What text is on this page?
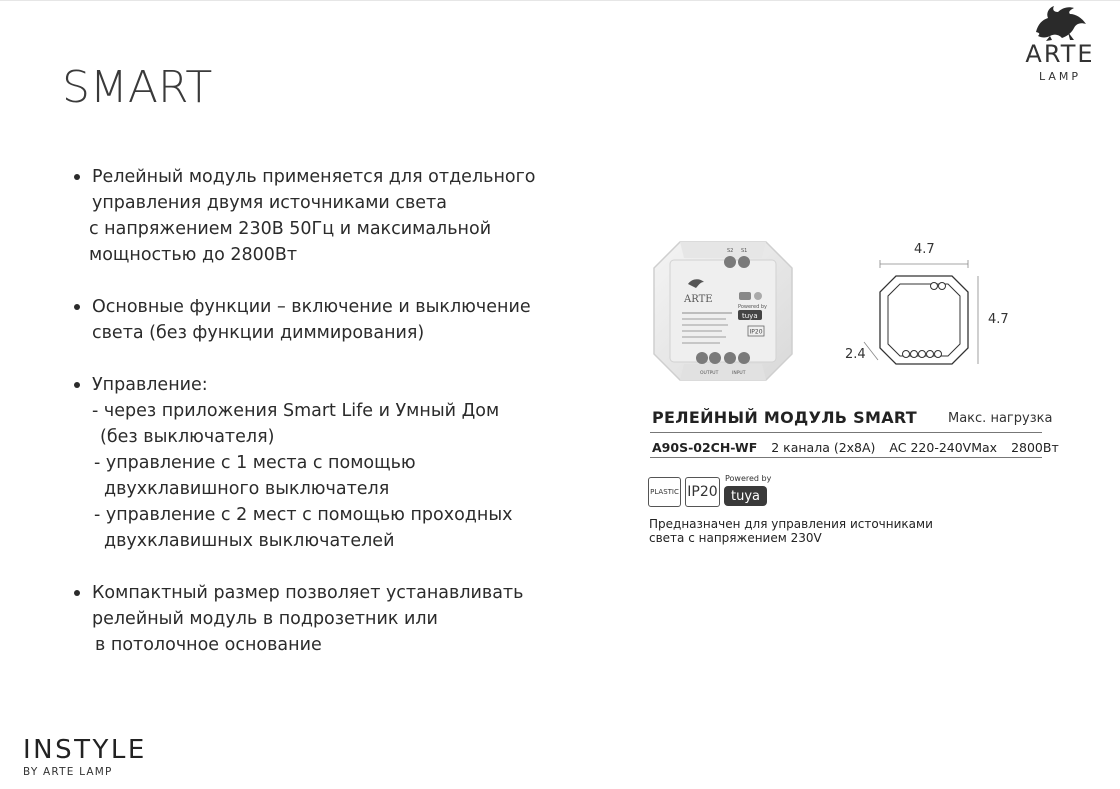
ARTE
LAMP
SMART
Релейный модуль применяется для отдельного
управления двумя источниками света
с напряжением 230В 50Гц и максимальной
мощностью до 2800Вт
Основные функции – включение и выключение
света (без функции диммирования)
Управление:
- через приложения Smart Life и Умный Дом
(без выключателя)
- управление с 1 места с помощью
двухклавишного выключателя
- управление с 2 мест с помощью проходных
двухклавишных выключателей
Компактный размер позволяет устанавливать
релейный модуль в подрозетник или
в потолочное основание
S2 S1
ARTE
Powered by
tuya
IP20
OUTPUT	INPUT
4.7
4.7
2.4
РЕЛЕЙНЫЙ МОДУЛЬ SMART Макс. нагрузка
A90S-02CH-WF 2 канала (2х8А) AC 220-240VMax 2800Вт
PLASTIC IP20
Powered by
tuya
Предназначен для управления источниками
света с напряжением 230V
INSTYLE
BY ARTE LAMP
